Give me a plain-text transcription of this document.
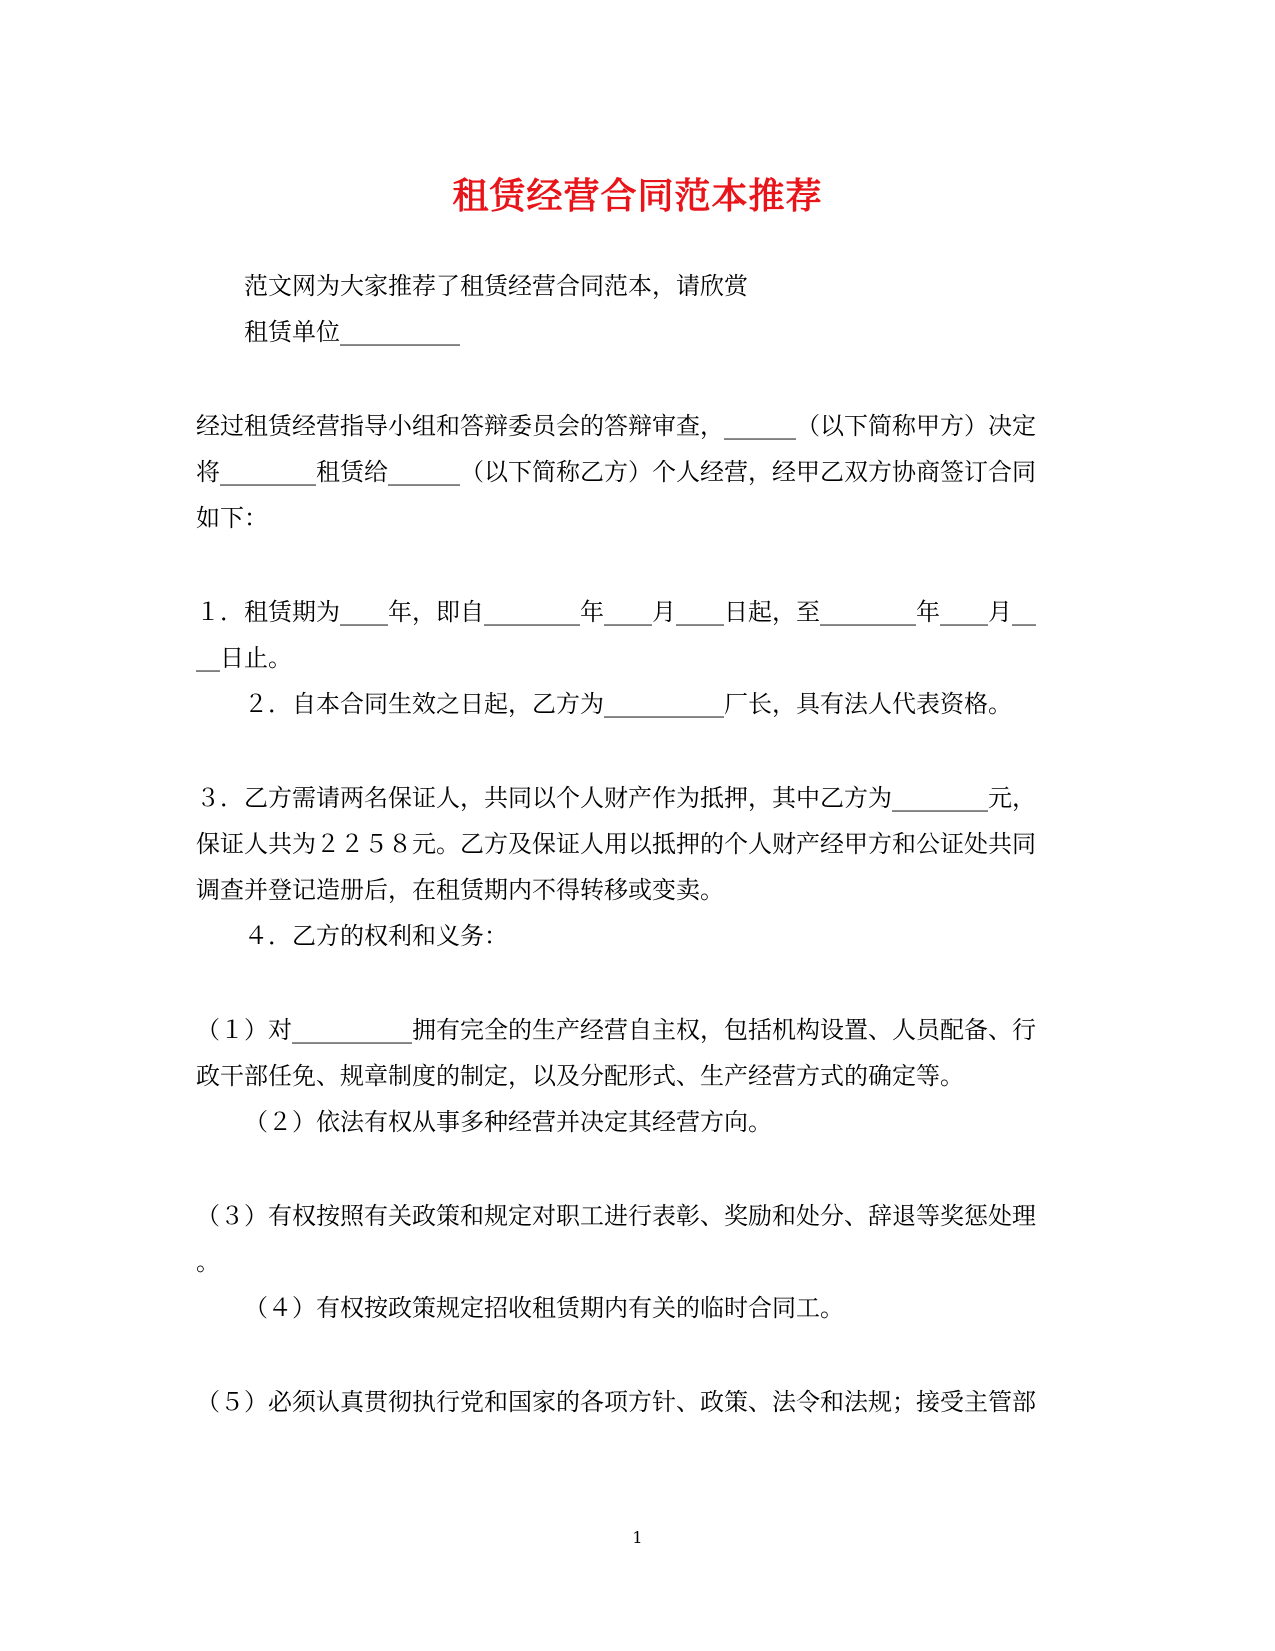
租赁经营合同范本推荐

范文网为大家推荐了租赁经营合同范本，请欣赏

租赁单位__________

经过租赁经营指导小组和答辩委员会的答辩审查，______（以下简称甲方）决定

将________租赁给______（以下简称乙方）个人经营，经甲乙双方协商签订合同

如下：

１．租赁期为____年，即自________年____月____日起，至________年____月__

__日止。

２．自本合同生效之日起，乙方为__________厂长，具有法人代表资格。

３．乙方需请两名保证人，共同以个人财产作为抵押，其中乙方为________元，

保证人共为２２５８元。乙方及保证人用以抵押的个人财产经甲方和公证处共同

调查并登记造册后，在租赁期内不得转移或变卖。

４．乙方的权利和义务：

（１）对__________拥有完全的生产经营自主权，包括机构设置、人员配备、行

政干部任免、规章制度的制定，以及分配形式、生产经营方式的确定等。

（２）依法有权从事多种经营并决定其经营方向。

（３）有权按照有关政策和规定对职工进行表彰、奖励和处分、辞退等奖惩处理

。

（４）有权按政策规定招收租赁期内有关的临时合同工。

（５）必须认真贯彻执行党和国家的各项方针、政策、法令和法规；接受主管部

1
